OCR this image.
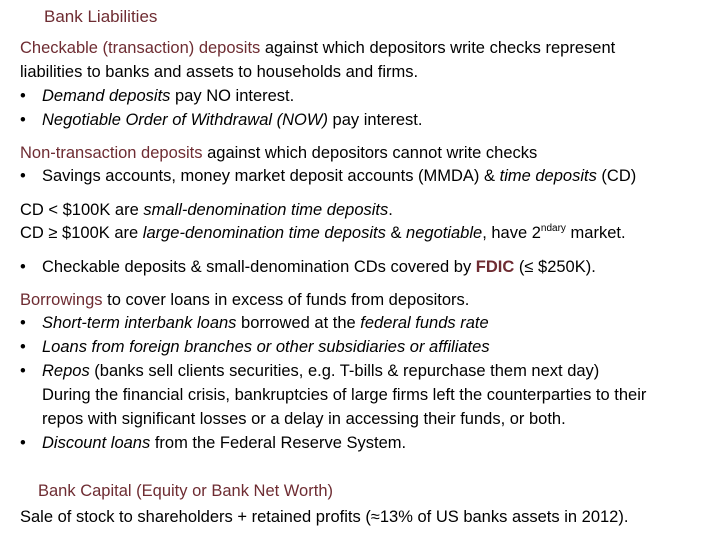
Bank Liabilities
Checkable (transaction) deposits against which depositors write checks represent
liabilities to banks and assets to households and firms.
• Demand deposits pay NO interest.
• Negotiable Order of Withdrawal (NOW) pay interest.
Non-transaction deposits against which depositors cannot write checks
• Savings accounts, money market deposit accounts (MMDA) & time deposits (CD)
CD < $100K are small-denomination time deposits.
CD ≥ $100K are large-denomination time deposits & negotiable, have $2^{ndary}$ market.
• Checkable deposits & small-denomination CDs covered by FDIC (≤ $250K).
Borrowings to cover loans in excess of funds from depositors.
• Short-term interbank loans borrowed at the federal funds rate
• Loans from foreign branches or other subsidiaries or affiliates
• Repos (banks sell clients securities, e.g. T-bills & repurchase them next day)
During the financial crisis, bankruptcies of large firms left the counterparties to their
repos with significant losses or a delay in accessing their funds, or both.
• Discount loans from the Federal Reserve System.
Bank Capital (Equity or Bank Net Worth)
Sale of stock to shareholders + retained profits (≈13% of US banks assets in 2012).
